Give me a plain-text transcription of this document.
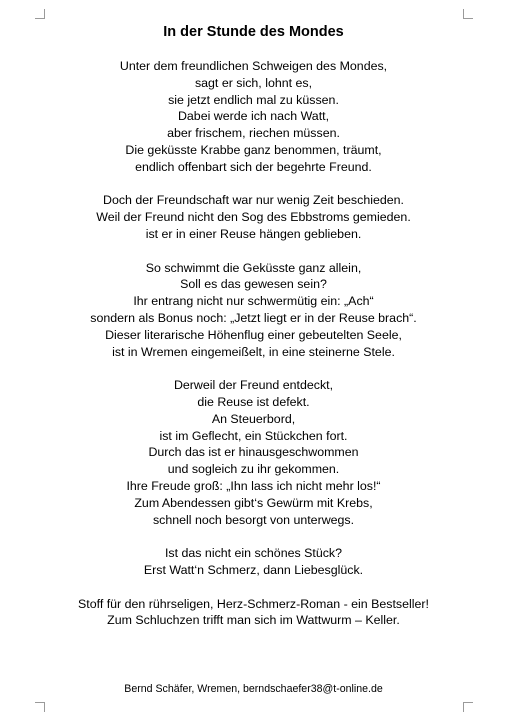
In der Stunde des Mondes
Unter dem freundlichen Schweigen des Mondes,
sagt er sich, lohnt es,
sie jetzt endlich mal zu küssen.
Dabei werde ich nach Watt,
aber frischem, riechen müssen.
Die geküsste Krabbe ganz benommen, träumt,
endlich offenbart sich der begehrte Freund.
Doch der Freundschaft war nur wenig Zeit beschieden.
Weil der Freund nicht den Sog des Ebbstroms gemieden.
ist er in einer Reuse hängen geblieben.
So schwimmt die Geküsste ganz allein,
Soll es das gewesen sein?
Ihr entrang nicht nur schwermütig ein: „Ach“
sondern als Bonus noch: „Jetzt liegt er in der Reuse brach“.
Dieser literarische Höhenflug einer gebeutelten Seele,
ist in Wremen eingemeißelt, in eine steinerne Stele.
Derweil der Freund entdeckt,
die Reuse ist defekt.
An Steuerbord,
ist im Geflecht, ein Stückchen fort.
Durch das ist er hinausgeschwommen
und sogleich zu ihr gekommen.
Ihre Freude groß: „Ihn lass ich nicht mehr los!“
Zum Abendessen gibt‘s Gewürm mit Krebs,
schnell noch besorgt von unterwegs.
Ist das nicht ein schönes Stück?
Erst Watt‘n Schmerz, dann Liebesglück.
Stoff für den rührseligen, Herz-Schmerz-Roman - ein Bestseller!
Zum Schluchzen trifft man sich im Wattwurm – Keller.
Bernd Schäfer, Wremen, berndschaefer38@t-online.de
